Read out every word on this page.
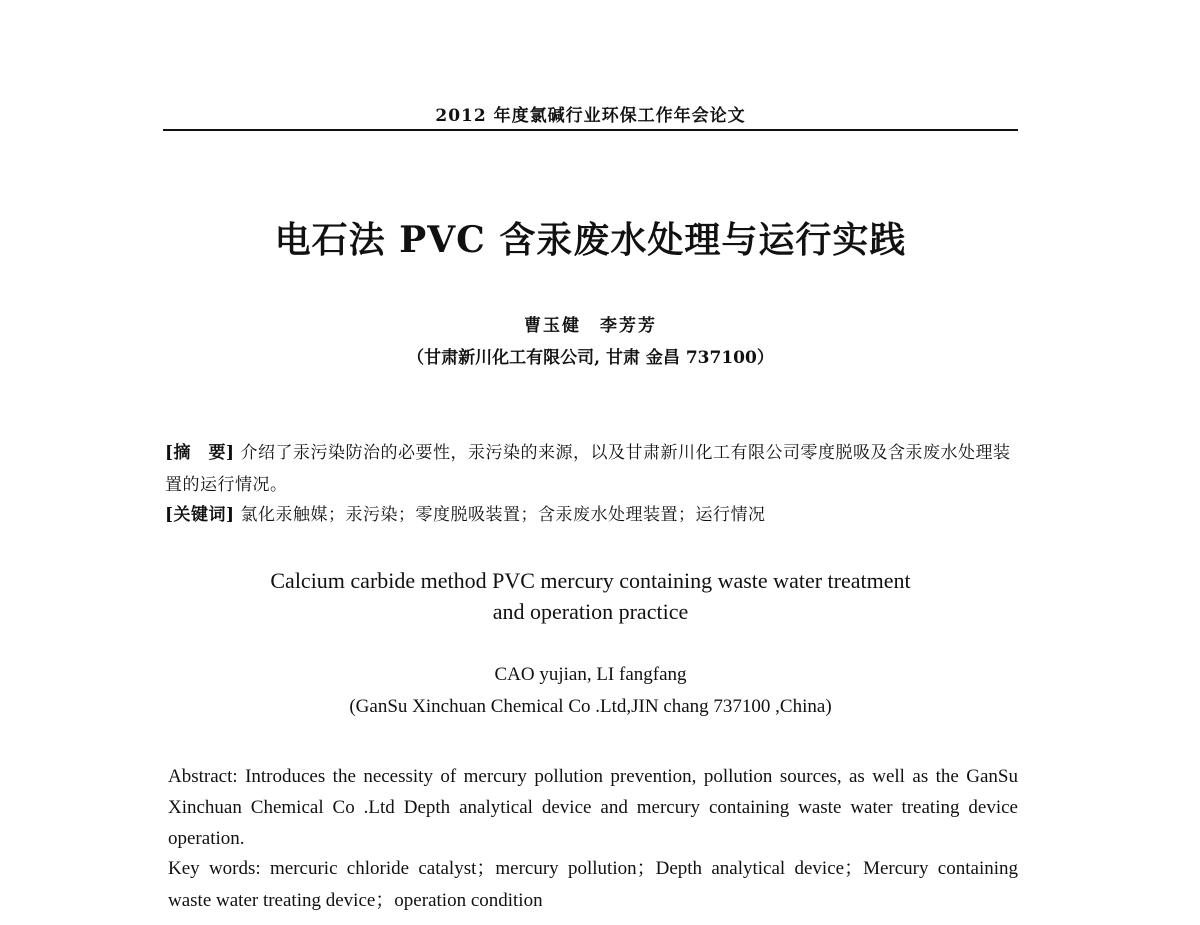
2012 年度氯碱行业环保工作年会论文
电石法 PVC 含汞废水处理与运行实践
曹玉健　李芳芳
（甘肃新川化工有限公司, 甘肃 金昌 737100）
[摘　要] 介绍了汞污染防治的必要性，汞污染的来源，以及甘肃新川化工有限公司零度脱吸及含汞废水处理装置的运行情况。
[关键词] 氯化汞触媒；汞污染；零度脱吸装置；含汞废水处理装置；运行情况
Calcium carbide method PVC mercury containing waste water treatment
and operation practice
CAO yujian, LI fangfang
(GanSu Xinchuan Chemical Co .Ltd,JIN chang 737100 ,China)
Abstract: Introduces the necessity of mercury pollution prevention, pollution sources, as well as the GanSu Xinchuan Chemical Co .Ltd Depth analytical device and mercury containing waste water treating device operation.
Key words: mercuric chloride catalyst；mercury pollution；Depth analytical device；Mercury containing waste water treating device；operation condition
